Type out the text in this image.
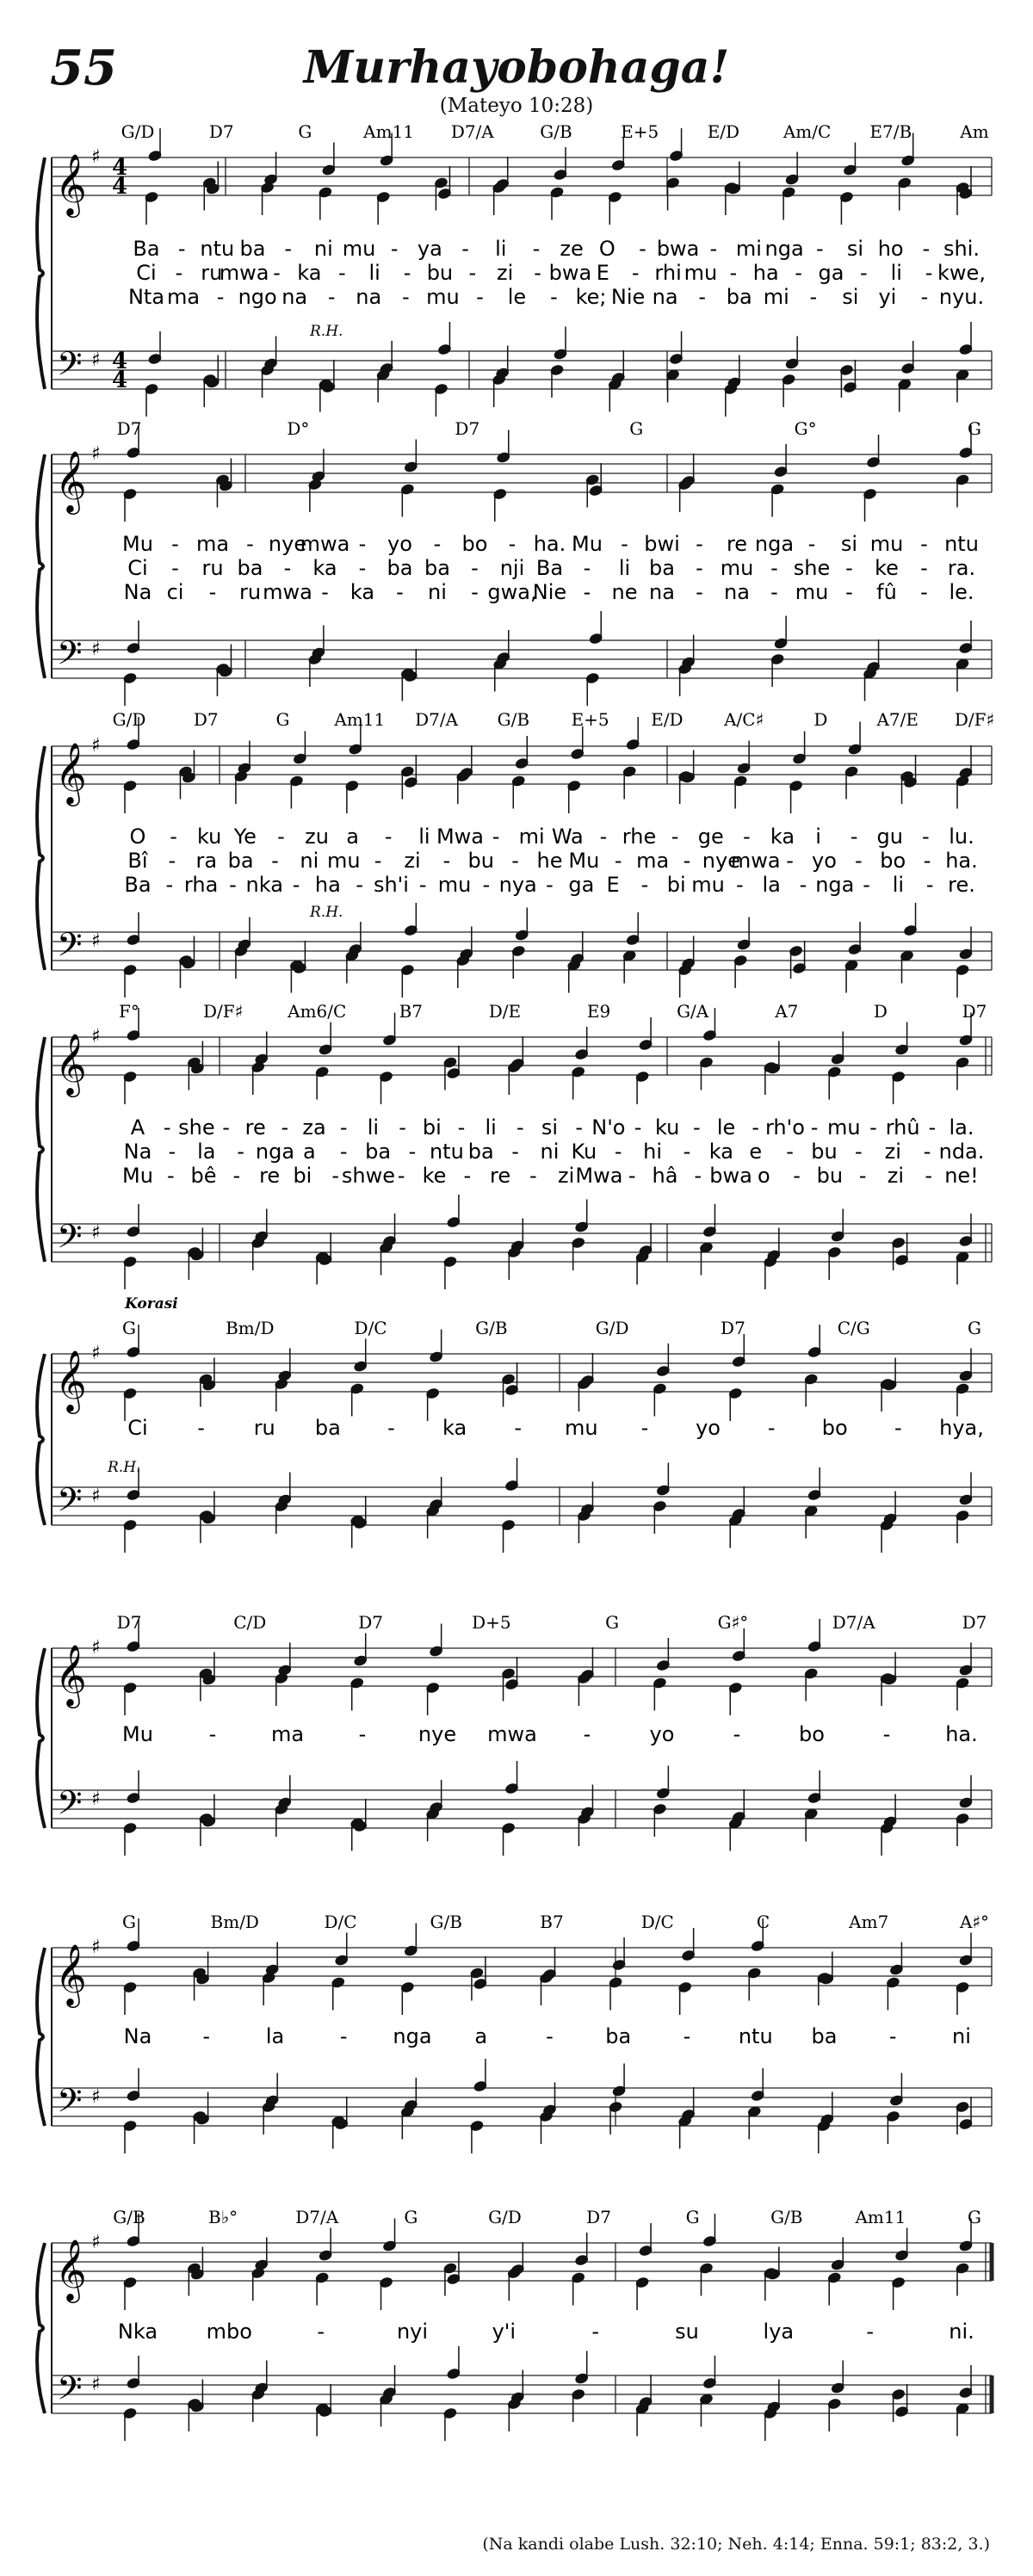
55	Murhayobohaga!
(Mateyo 10:28)
𝄞
𝄢
♯
♯
4
4
4
4
R.H.
G/D	D7	G	Am11 D7/A	G/B	E+5	E/D	Am/C E7/B	Am
Ba - ntu ba - ni mu - ya - li - ze O - bwa - mi nga - si ho - shi.
Ci - ru
mwa - ka - li - bu - zi - bwa E - rhi mu - ha - ga - li - kwe,
Nta ma - ngo na - na - mu - le - ke; Nie na - ba mi - si yi - nyu.
𝄞
𝄢
♯
♯
D7	D°	D7	G	G°	G
Mu - ma - nye
mwa - yo - bo - ha. Mu - bwi - re nga - si mu - ntu
Ci - ru ba - ka - ba ba - nji Ba - li ba - mu - she - ke - ra.
Na ci - ru mwa - ka - ni - gwa,
Nie - ne na - na - mu - fû - le.
𝄞
𝄢
♯
♯
R.H.
G/D	D7	G	Am11 D7/A G/B E+5 E/D A/C♯	D	A7/E D/F♯
O - ku Ye - zu a - li Mwa - mi Wa - rhe - ge - ka i - gu - lu.
Bî - ra ba - ni mu - zi - bu - he Mu - ma - nye
mwa - yo - bo - ha.
Ba - rha - nka - ha - sh'i - mu - nya - ga E - bi mu - la - nga - li - re.
𝄞
𝄢
♯
♯
F°	D/F♯	Am6/C	B7	D/E	E9	G/A	A7	D	D7
A - she - re - za - li - bi - li - si - N'o - ku - le - rh'o - mu - rhû - la.
Na - la - nga a - ba - ntu ba - ni Ku - hi - ka e - bu - zi - nda.
Mu - bê - re bi - shwe - ke - re - zi Mwa - hâ - bwa o - bu - zi - ne!
𝄞
𝄢
♯
♯
Korasi
R.H.
G	Bm/D	D/C	G/B	G/D	D7	C/G	G
Ci - ru ba - ka - mu - yo - bo - hya,
𝄞
𝄢
♯
♯
D7	C/D	D7	D+5	G	G♯°	D7/A	D7
Mu	-	ma	-	nye mwa -	yo	-	bo	-	ha.
𝄞
𝄢
♯
♯
G	Bm/D	D/C	G/B	B7	D/C	C	Am7	A♯°
Na -	la	- nga a	-	ba	- ntu ba	-	ni
𝄞
𝄢
♯
♯
G/B	B♭°	D7/A	G	G/D	D7	G	G/B	Am11	G
Nka mbo	-	nyi	y'i	-	su	lya	-	ni.
(Na kandi olabe Lush. 32:10; Neh. 4:14; Enna. 59:1; 83:2, 3.)
